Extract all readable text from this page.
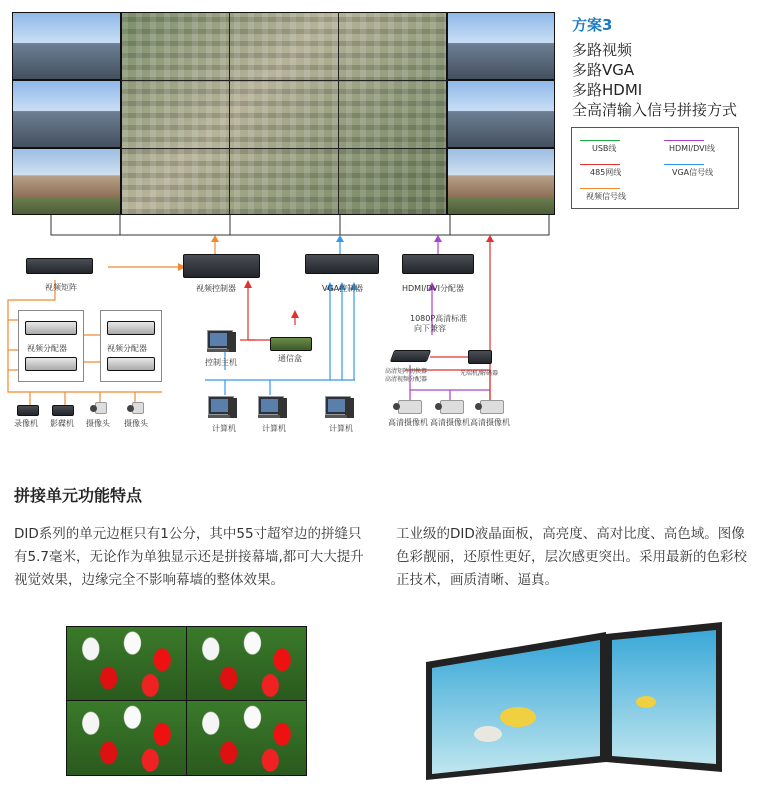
方案3
多路视频
多路VGA
多路HDMI
全高清输入信号拼接方式
USB线	HDMI/DVI线
485网线	VGA信号线
视频信号线
视频矩阵	视频控制器	VGA控制器	HDMI/DVI分配器
视频分配器	视频分配器
控制主机	通信盒
1080P高清标准
向下兼容
高清矩阵切换器
高清视频分配器
光端机/解码器
录像机 影碟机 摄像头 摄像头
计算机	计算机	计算机
高清摄像机 高清摄像机 高清摄像机
拼接单元功能特点
DID系列的单元边框只有1公分，其中55寸超窄边的拼缝只有5.7毫米，无论作为单独显示还是拼接幕墙,都可大大提升视觉效果，边缘完全不影响幕墙的整体效果。
工业级的DID液晶面板，高亮度、高对比度、高色域。图像色彩靓丽，还原性更好，层次感更突出。采用最新的色彩校正技术，画质清晰、逼真。
